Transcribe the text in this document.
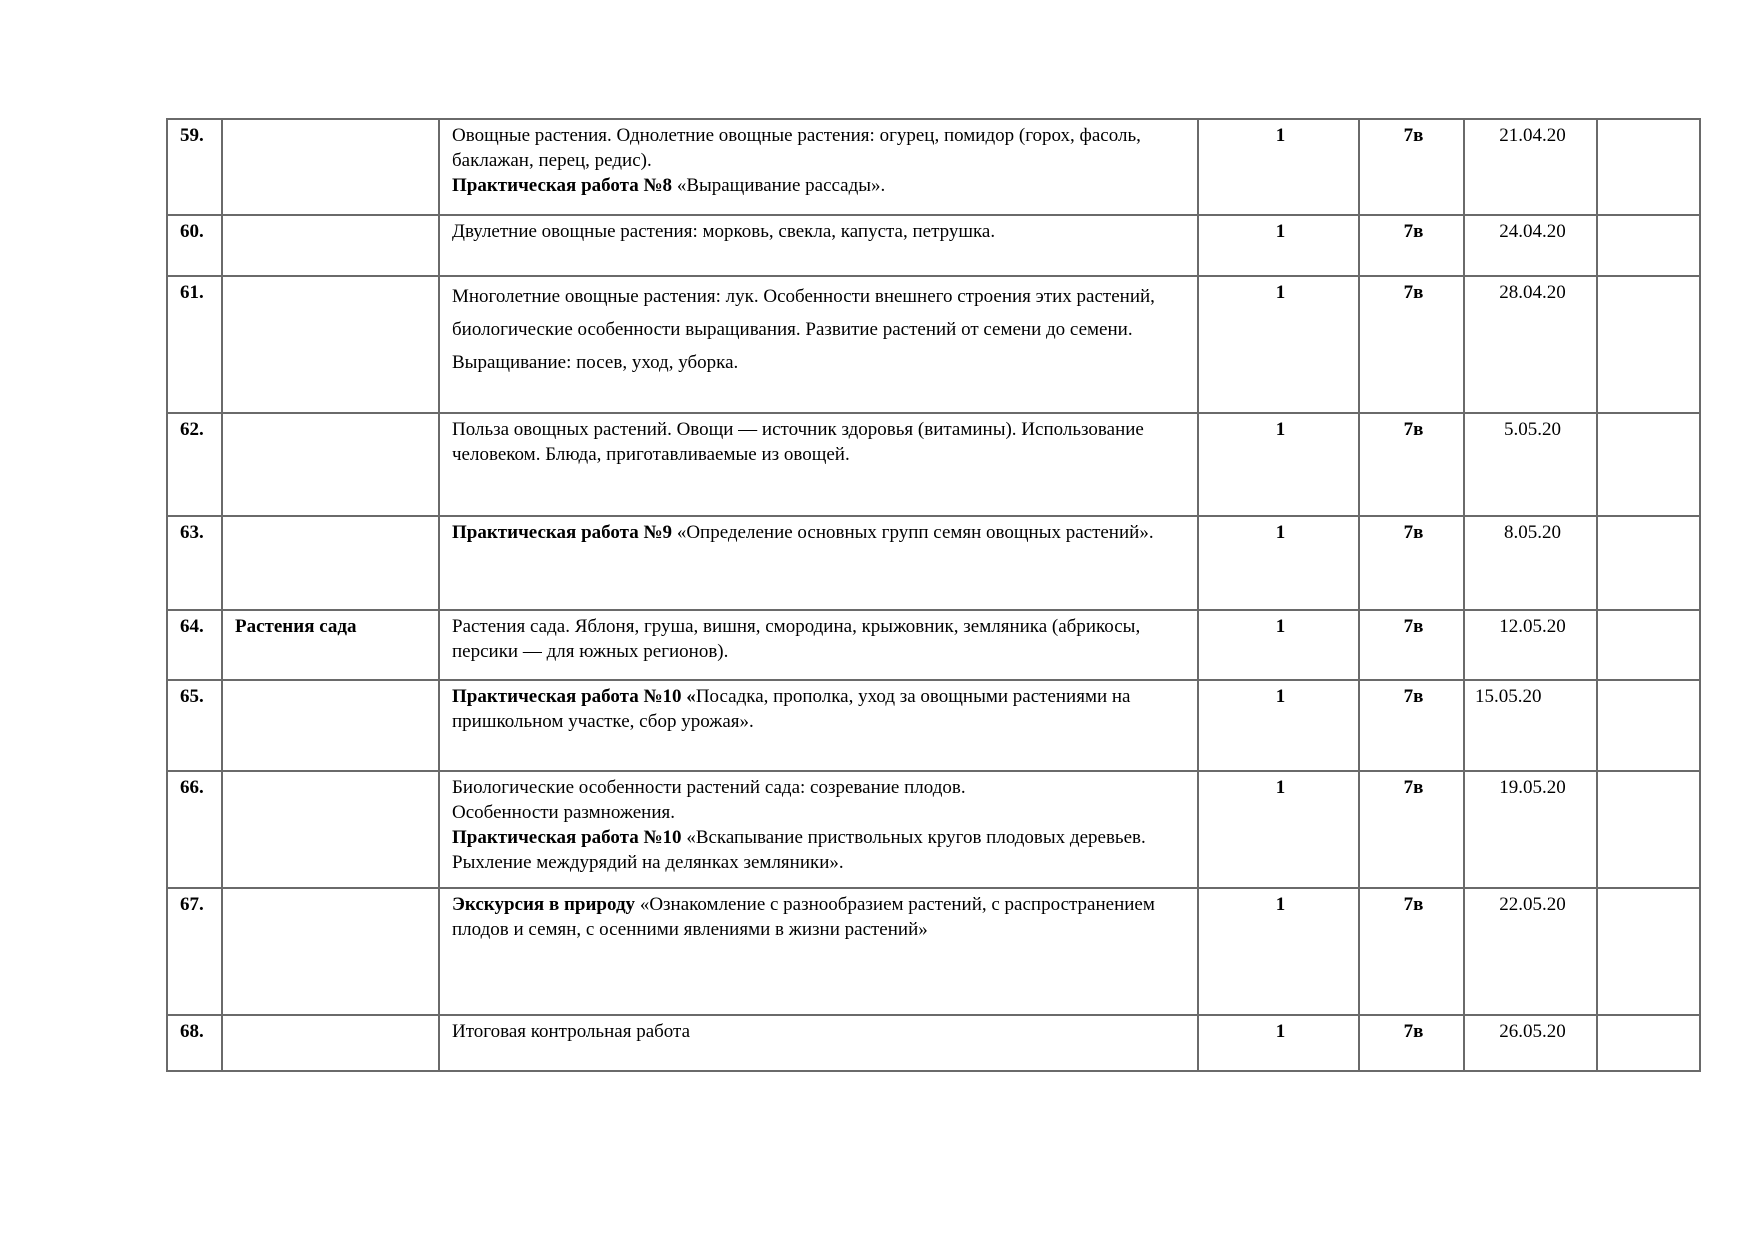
59.		Овощные растения. Однолетние овощные растения: огурец, помидор (горох, фасоль, баклажан, перец, редис).
Практическая работа №8 «Выращивание рассады».	1	7в	21.04.20	
60.		Двулетние овощные растения: морковь, свекла, капуста, петрушка.	1	7в	24.04.20	
61.		Многолетние овощные растения: лук. Особенности внешнего строения этих растений, биологические особенности выращивания. Развитие растений от семени до семени. Выращивание: посев, уход, уборка.	1	7в	28.04.20	
62.		Польза овощных растений. Овощи — источник здоровья (витамины). Использование человеком. Блюда, приготавливаемые из овощей.	1	7в	5.05.20	
63.		Практическая работа №9 «Определение основных групп семян овощных растений».	1	7в	8.05.20	
64.	Растения сада	Растения сада. Яблоня, груша, вишня, смородина, крыжовник, земляника (абрикосы, персики — для южных регионов).	1	7в	12.05.20	
65.		Практическая работа №10 «Посадка, прополка, уход за овощными растениями на пришкольном участке, сбор урожая».	1	7в	15.05.20	
66.		Биологические особенности растений сада: созревание плодов.
Особенности размножения.
Практическая работа №10 «Вскапывание приствольных кругов плодовых деревьев. Рыхление междурядий на делянках земляники».	1	7в	19.05.20	
67.		Экскурсия в природу «Ознакомление с разнообразием растений, с распространением плодов и семян, с осенними явлениями в жизни растений»	1	7в	22.05.20	
68.		Итоговая контрольная работа	1	7в	26.05.20	
